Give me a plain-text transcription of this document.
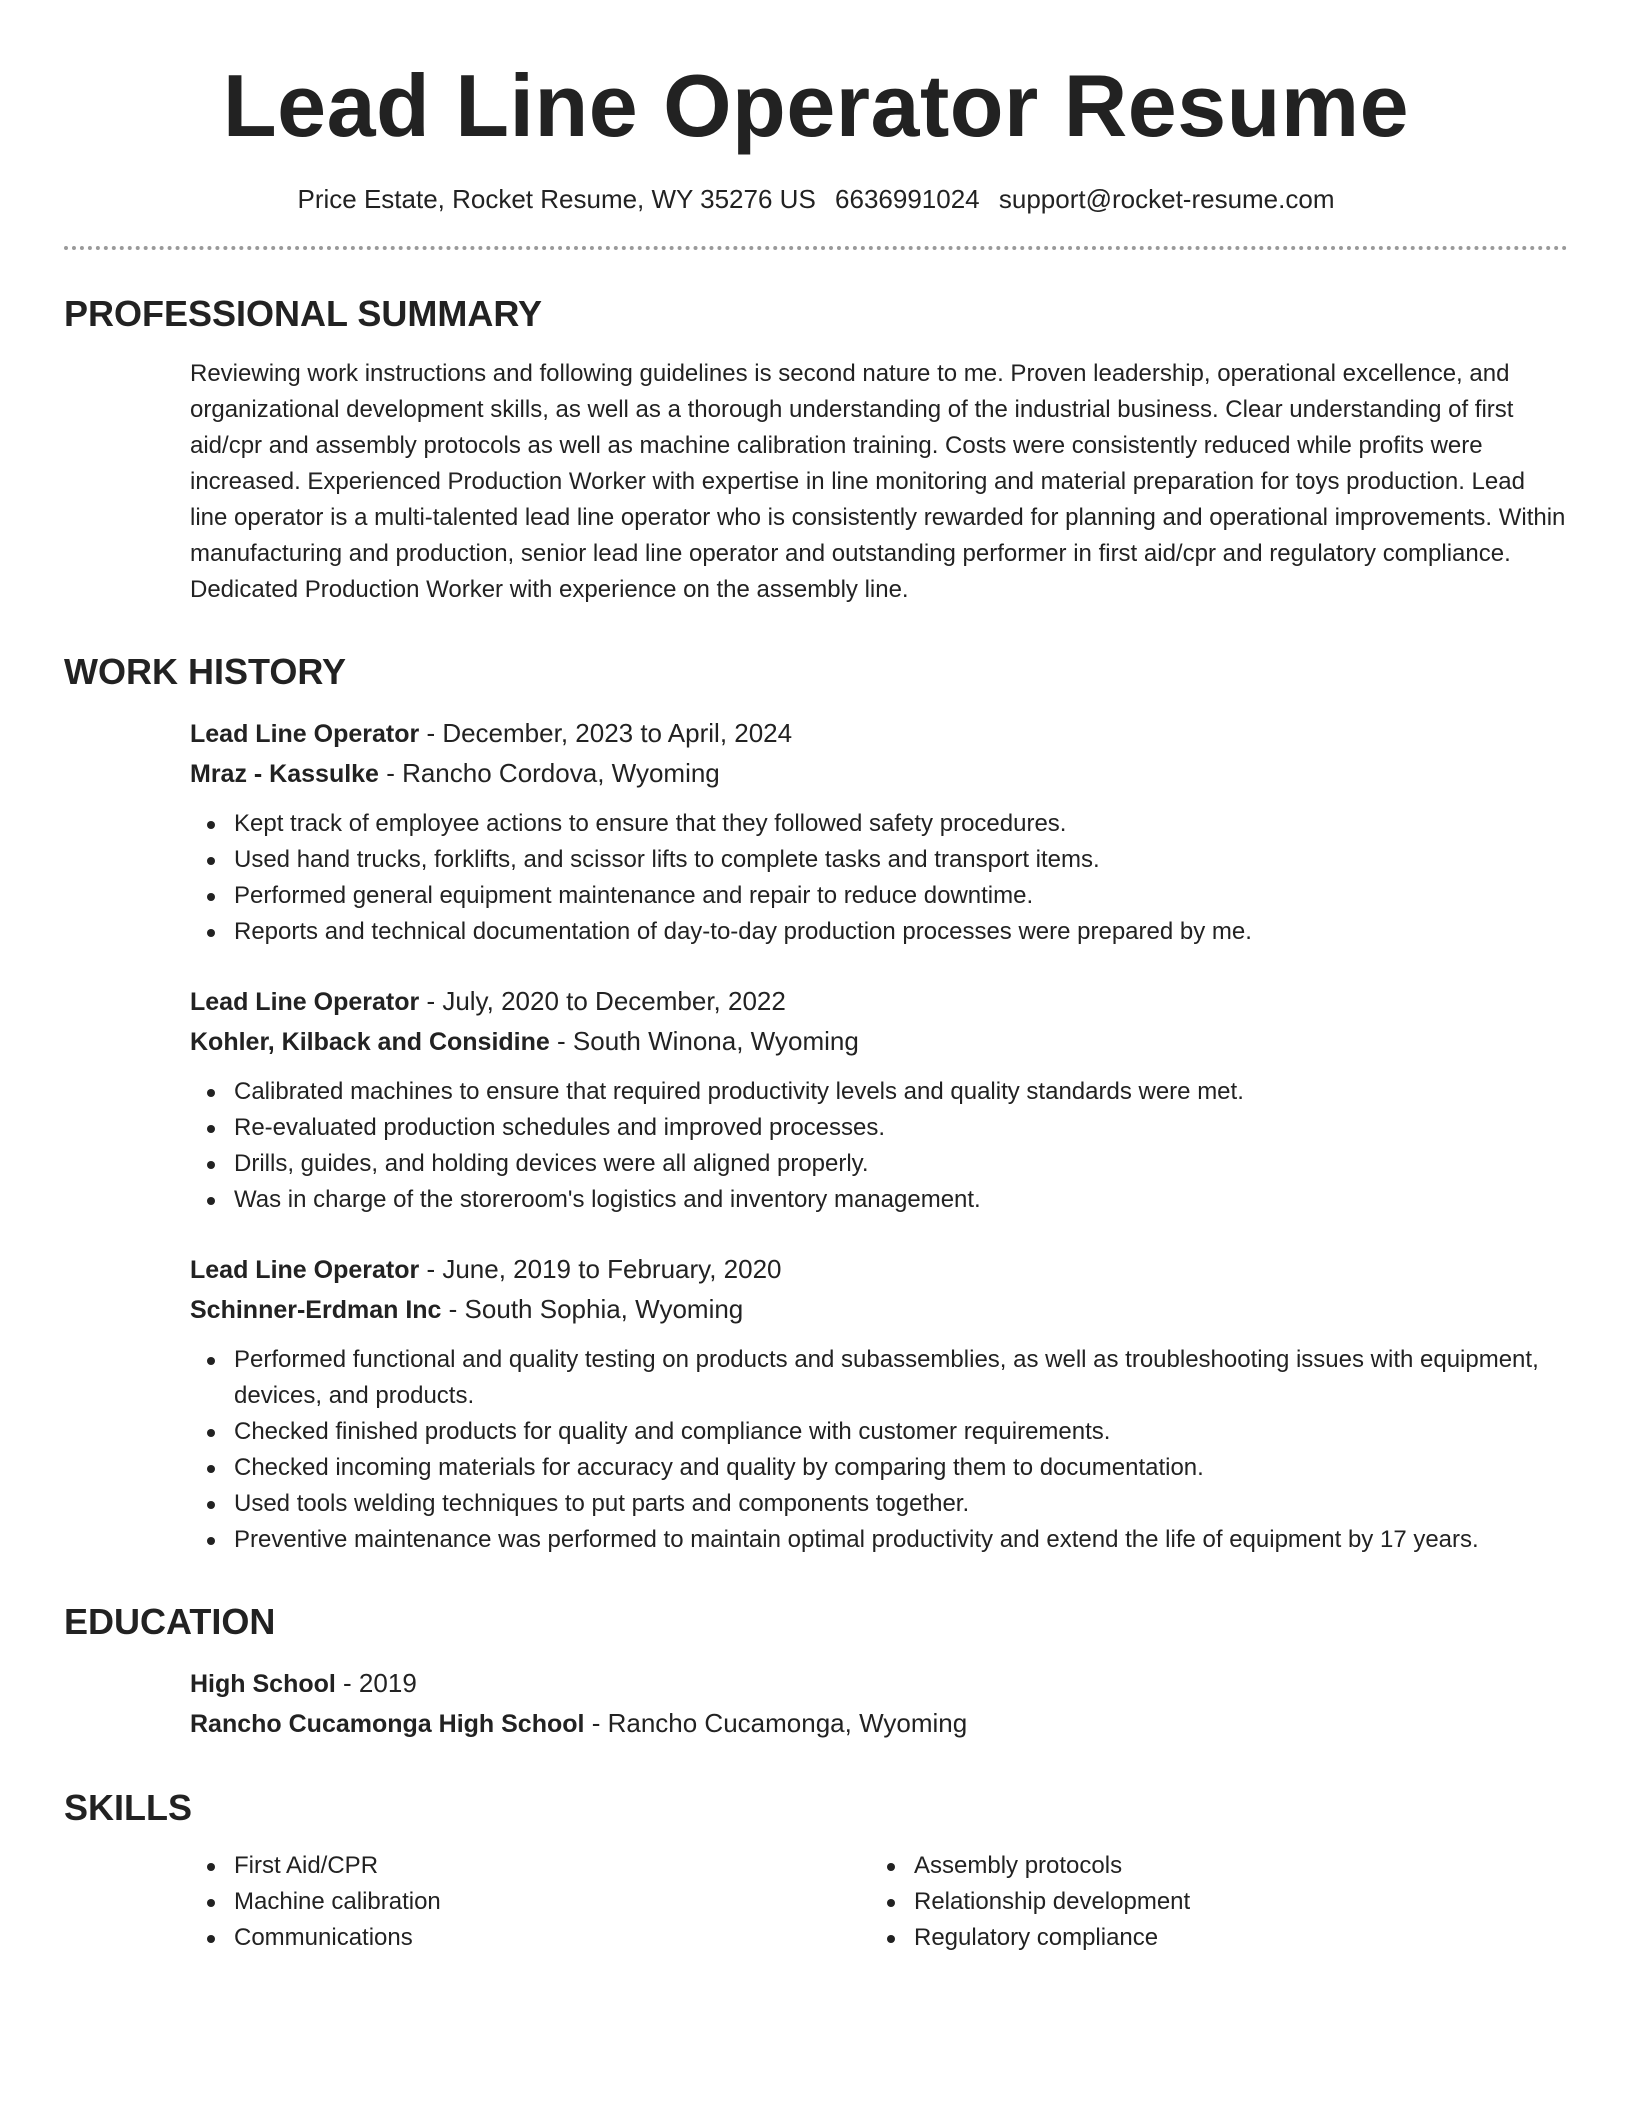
Lead Line Operator Resume
Price Estate, Rocket Resume, WY 35276 US 6636991024 support@rocket-resume.com
PROFESSIONAL SUMMARY

Reviewing work instructions and following guidelines is second nature to me. Proven leadership, operational excellence, and organizational development skills, as well as a thorough understanding of the industrial business. Clear understanding of first aid/cpr and assembly protocols as well as machine calibration training. Costs were consistently reduced while profits were increased. Experienced Production Worker with expertise in line monitoring and material preparation for toys production. Lead line operator is a multi-talented lead line operator who is consistently rewarded for planning and operational improvements. Within manufacturing and production, senior lead line operator and outstanding performer in first aid/cpr and regulatory compliance. Dedicated Production Worker with experience on the assembly line.

WORK HISTORY
Lead Line Operator - December, 2023 to April, 2024
Mraz - Kassulke - Rancho Cordova, Wyoming
Kept track of employee actions to ensure that they followed safety procedures.
Used hand trucks, forklifts, and scissor lifts to complete tasks and transport items.
Performed general equipment maintenance and repair to reduce downtime.
Reports and technical documentation of day-to-day production processes were prepared by me.
Lead Line Operator - July, 2020 to December, 2022
Kohler, Kilback and Considine - South Winona, Wyoming
Calibrated machines to ensure that required productivity levels and quality standards were met.
Re-evaluated production schedules and improved processes.
Drills, guides, and holding devices were all aligned properly.
Was in charge of the storeroom's logistics and inventory management.
Lead Line Operator - June, 2019 to February, 2020
Schinner-Erdman Inc - South Sophia, Wyoming
Performed functional and quality testing on products and subassemblies, as well as troubleshooting issues with equipment, devices, and products.
Checked finished products for quality and compliance with customer requirements.
Checked incoming materials for accuracy and quality by comparing them to documentation.
Used tools welding techniques to put parts and components together.
Preventive maintenance was performed to maintain optimal productivity and extend the life of equipment by 17 years.
EDUCATION
High School - 2019
Rancho Cucamonga High School - Rancho Cucamonga, Wyoming
SKILLS
First Aid/CPR
Machine calibration
Communications
Assembly protocols
Relationship development
Regulatory compliance
